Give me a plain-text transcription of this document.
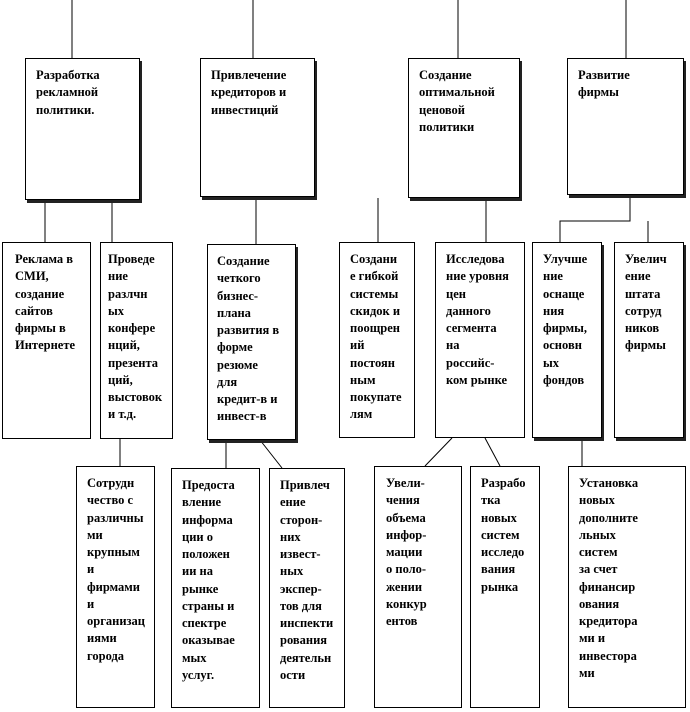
Разработка
рекламной
политики.
Привлечение
кредиторов и
инвестиций
Создание
оптимальной
ценовой
политики
Развитие
фирмы
Реклама в
СМИ,
создание
сайтов
фирмы в
Интернете
Проведе
ние
разлчн
ых
конфере
нций,
презента
ций,
выстовок
и т.д.
Создание
четкого
бизнес-
плана
развития в
форме
резюме
для
кредит-в и
инвест-в
Создани
е гибкой
системы
скидок и
поощрен
ий
постоян
ным
покупате
лям
Исследова
ние уровня
цен
данного
сегмента
на
российс-
ком рынке
Улучше
ние
оснаще
ния
фирмы,
основн
ых
фондов
Увелич
ение
штата
сотруд
ников
фирмы
Сотрудн
чество с
различны
ми
крупным
и
фирмами
и
организац
иями
города
Предоста
вление
информа
ции о
положен
ии на
рынке
страны и
спектре
оказывае
мых
услуг.
Привлеч
ение
сторон-
них
извест-
ных
экспер-
тов для
инспекти
рования
деятельн
ости
Увели-
чения
объема
инфор-
мации
о поло-
жении
конкур
ентов
Разрабо
тка
новых
систем
исследо
вания
рынка
Установка
новых
дополните
льных
систем
за счет
финансир
ования
кредитора
ми и
инвестора
ми
